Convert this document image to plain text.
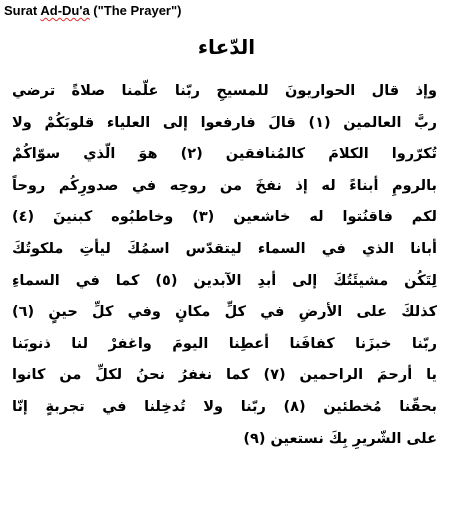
Surat Ad-Du'a ("The Prayer")
الدّعاء
وإذ قال الحواريونَ للمسيحِ ربّنا علّمنا صلاةً ترضي
ربَّ العالمين (١) قالَ فارفعوا إلى العلياء قلوبَكُمْ ولا
تُكرّروا الكلامَ كالمُنافقين (٢) هوَ الّذي سوّاكُمْ
بالرومِ أبناءً له إذ نفخَ من روحِه في صدورِكُم روحاً
لكم فاقنُتوا له خاشعين (٣) وخاطبُوه كبنينَ (٤)
أبانا الذي في السماء ليتقدّس اسمُكَ ليأتِ ملكوتُكَ
لِتَكُن مشيئَتُكَ إلى أبدِ الآبدين (٥) كما في السماءِ
كذلكَ على الأرضِ في كلِّ مكانٍ وفي كلِّ حينٍ (٦)
ربّنا خبزَنا كفافَنا أعطِنا اليومَ واغفرْ لنا ذنوبَنا
يا أرحمَ الراحمين (٧) كما نغفرُ نحنُ لكلِّ من كانوا
بحقّنا مُخطئين (٨) ربّنا ولا تُدخِلنا في تجربةٍ إنّا
على الشّريرِ بِكَ نستعين (٩)
